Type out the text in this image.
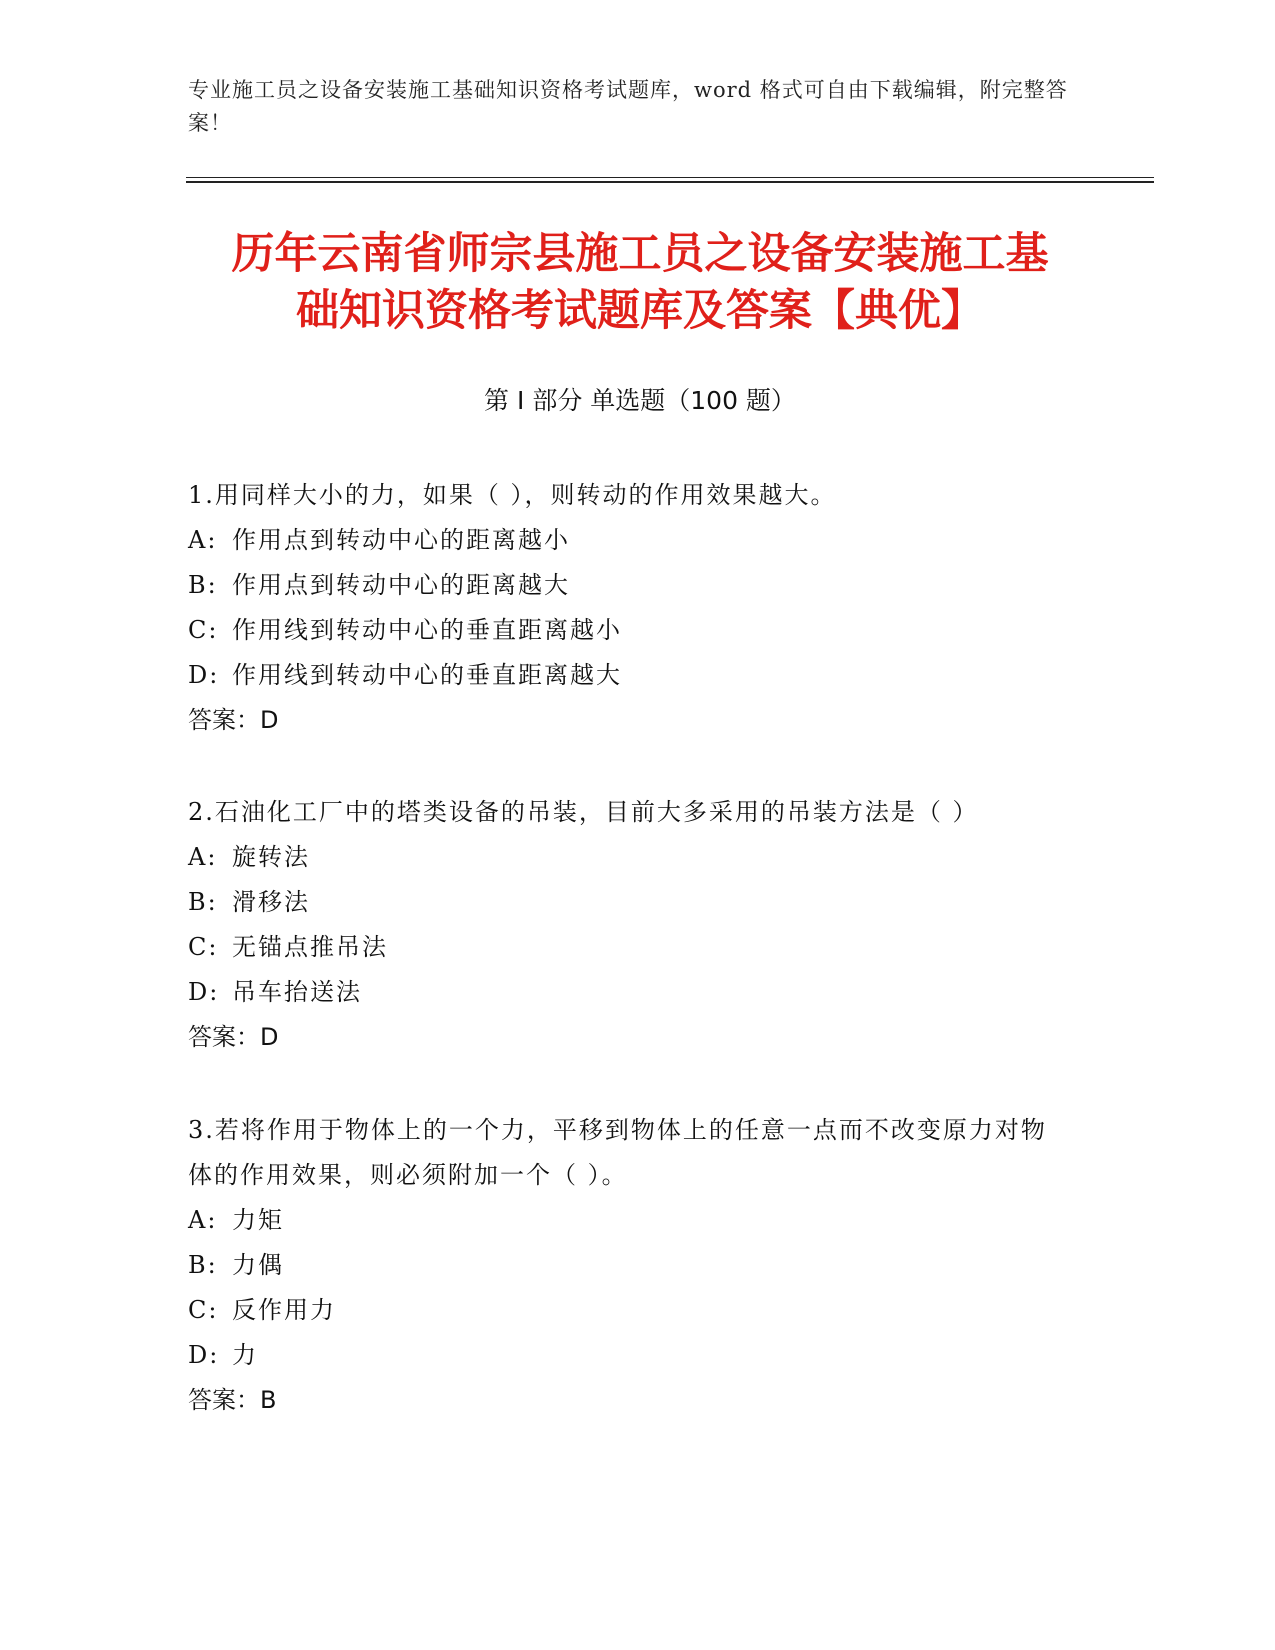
专业施工员之设备安装施工基础知识资格考试题库，word 格式可自由下载编辑，附完整答案！
历年云南省师宗县施工员之设备安装施工基
础知识资格考试题库及答案【典优】
第 I 部分 单选题（100 题）

1.用同样大小的力，如果（ ），则转动的作用效果越大。

A: 作用点到转动中心的距离越小

B: 作用点到转动中心的距离越大

C: 作用线到转动中心的垂直距离越小

D: 作用线到转动中心的垂直距离越大

答案：D

2.石油化工厂中的塔类设备的吊装，目前大多采用的吊装方法是（ ）

A: 旋转法

B: 滑移法

C: 无锚点推吊法

D: 吊车抬送法

答案：D

3.若将作用于物体上的一个力，平移到物体上的任意一点而不改变原力对物体的作用效果，则必须附加一个（ ）。

A: 力矩

B: 力偶

C: 反作用力

D: 力

答案：B
